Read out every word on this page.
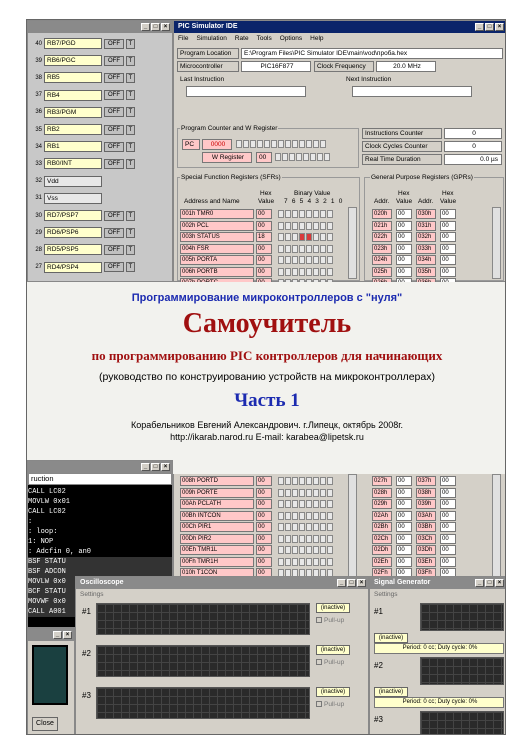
_	□	×
40 RB7/PGD	OFF	T
39 RB6/PGC	OFF	T
38 RB5	OFF	T
37 RB4	OFF	T
36 RB3/PGM	OFF	T
35 RB2	OFF	T
34 RB1	OFF	T
33 RB0/INT	OFF	T
32 Vdd
31 Vss
30 RD7/PSP7	OFF	T
29 RD6/PSP6	OFF	T
28 RD5/PSP5	OFF	T
27 RD4/PSP4	OFF	T
PIC Simulator IDE	_	□	×
File Simulation Rate Tools Options Help
Program Location	E:\Program Files\PIC Simulator IDE\main\vod\проба.hex
Microcontroller	PIC16F877	Clock Frequency	20.0 MHz
Last Instruction	Next Instruction
Program Counter and W Register
PC	0000
W Register	00
Instructions Counter	0
Clock Cycles Counter	0
Real Time Duration	0.0 µs
Special Function Registers (SFRs)
Address and Name
Hex
Value
Binary Value
7 6 5 4 3 2 1 0
001h TMR0	00
002h PCL	00
003h STATUS	18
004h FSR	00
005h PORTA	00
006h PORTB	00
General Purpose Registers (GPRs)
Addr.
Hex
Value Addr.
Hex
Value
020h	00	030h	00
021h	00	031h	00
022h	00	032h	00
023h	00	033h	00
024h	00	034h	00
025h	00	035h	00
Программирование микроконтроллеров с "нуля"
Самоучитель
по программированию PIC контроллеров для начинающих
(руководство по конструированию устройств на микроконтроллерах)
Часть 1
Корабельников Евгений Александрович. г.Липецк, октябрь 2008г.
http://ikarab.narod.ru E-mail: karabea@lipetsk.ru
008h PORTD	00
009h PORTE	00
00Ah PCLATH	00
00Bh INTCON	00
00Ch PIR1	00
00Dh PIR2	00
00Eh TMR1L	00
00Fh TMR1H	00
010h T1CON	00
027h	00	037h	00
028h	00	038h	00
029h	00	039h	00
02Ah	00	03Ah	00
02Bh	00	03Bh	00
02Ch	00	03Ch	00
02Dh	00	03Dh	00
02Eh	00	03Eh	00
02Fh	00	03Fh	00
_	□	×
ruction
CALL LC02
MOVLW 0x01
CALL LC02
:
: loop:
1: NOP
: Adcfin 0, an0
BSF STATU
BSF ADCON
MOVLW 0x0
BCF STATU
MOVWF 0x0
CALL A001
_	×
Close
Oscilloscope	_	□	×
Settings
#1	(inactive)
Pull-up
#2	(inactive)
Pull-up
#3	(inactive)
Pull-up
Signal Generator	_	□	×
Settings
#1
(inactive)
Period: 0 cc; Duty cycle: 0%
#2
(inactive)
Period: 0 cc; Duty cycle: 0%
#3
